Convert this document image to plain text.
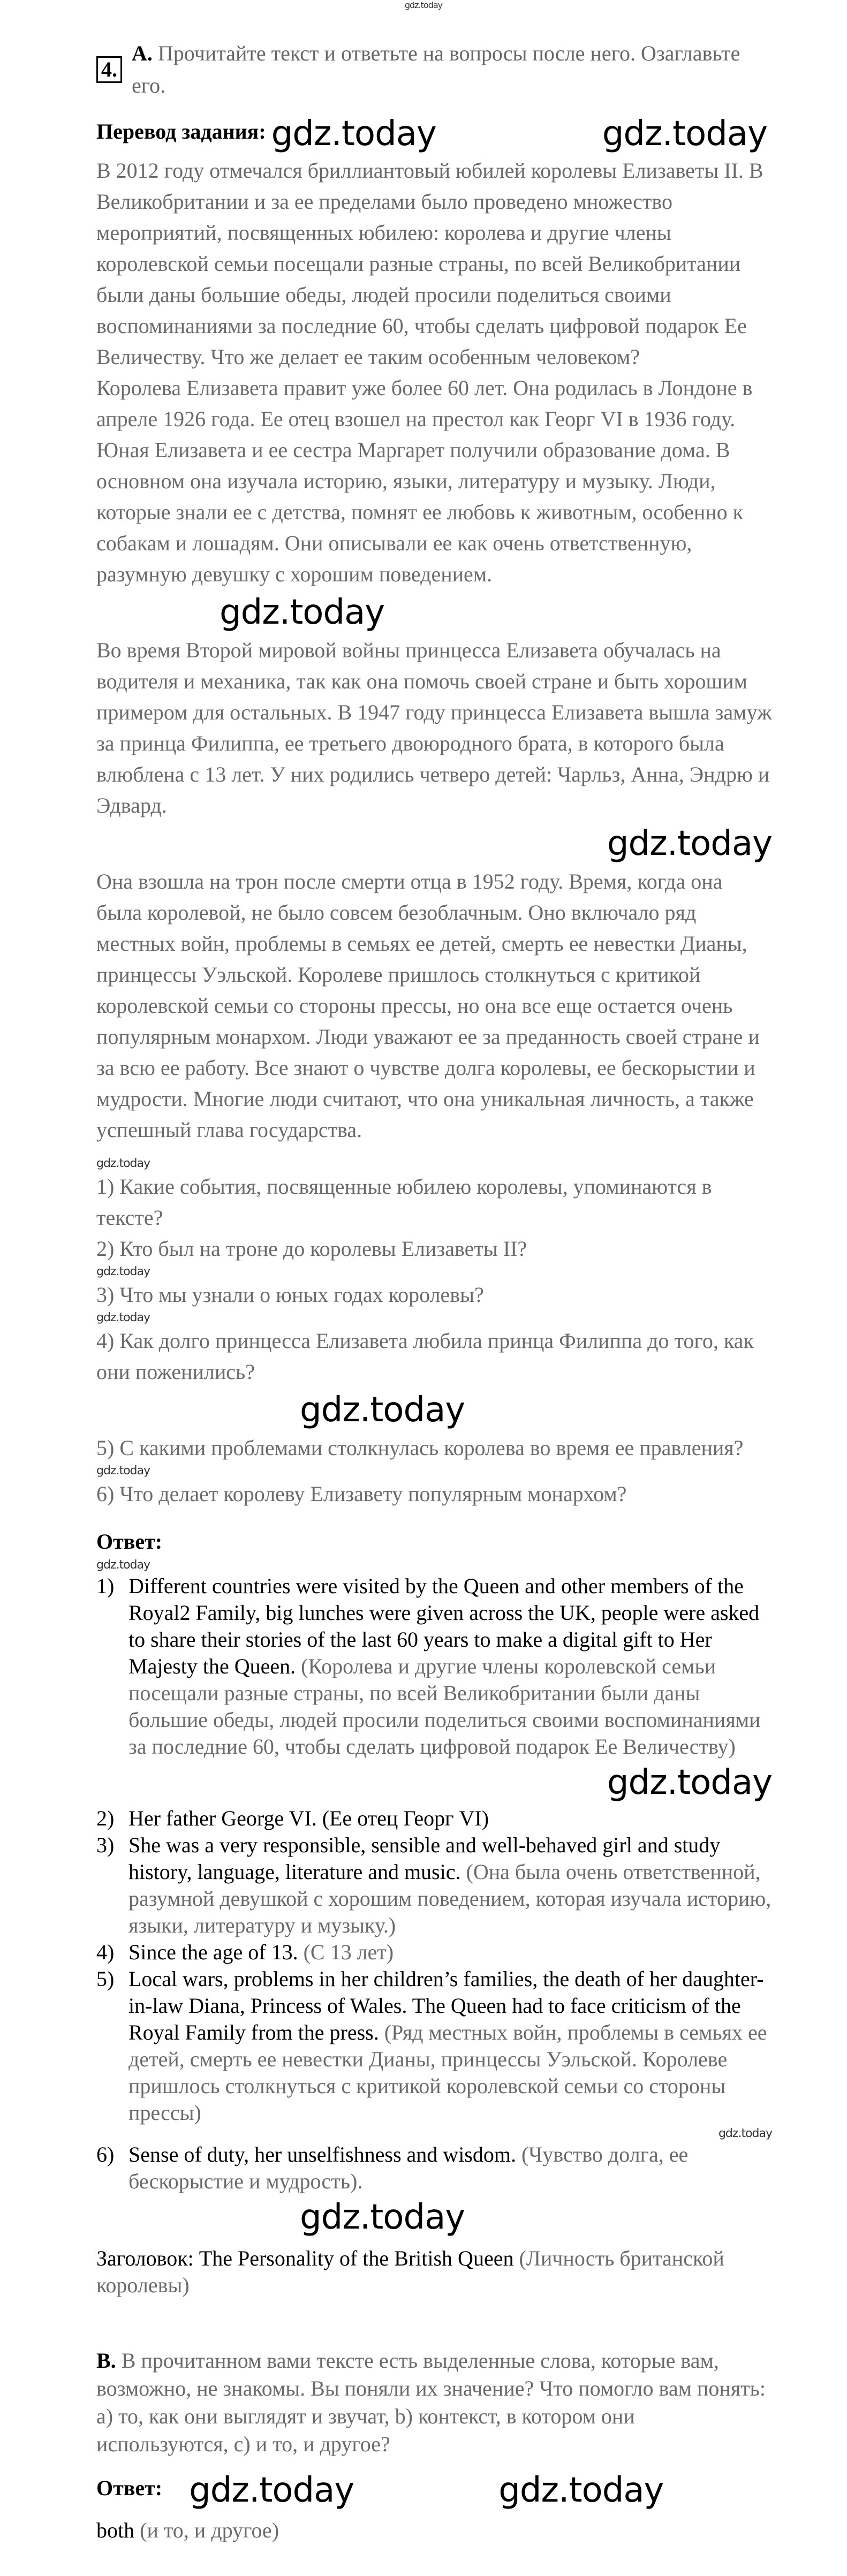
gdz.today
4.
A. Прочитайте текст и ответьте на вопросы после него. Озаглавьте его.
Перевод задания: gdz.today	gdz.today
В 2012 году отмечался бриллиантовый юбилей королевы Елизаветы II. В Великобритании и за ее пределами было проведено множество мероприятий, посвященных юбилею: королева и другие члены королевской семьи посещали разные страны, по всей Великобритании были даны большие обеды, людей просили поделиться своими воспоминаниями за последние 60, чтобы сделать цифровой подарок Ее Величеству. Что же делает ее таким особенным человеком?
Королева Елизавета правит уже более 60 лет. Она родилась в Лондоне в апреле 1926 года. Ее отец взошел на престол как Георг VI в 1936 году. Юная Елизавета и ее сестра Маргарет получили образование дома. В основном она изучала историю, языки, литературу и музыку. Люди, которые знали ее с детства, помнят ее любовь к животным, особенно к собакам и лошадям. Они описывали ее как очень ответственную, разумную девушку с хорошим поведением.
gdz.today
Во время Второй мировой войны принцесса Елизавета обучалась на водителя и механика, так как она помочь своей стране и быть хорошим примером для остальных. В 1947 году принцесса Елизавета вышла замуж за принца Филиппа, ее третьего двоюродного брата, в которого была влюблена с 13 лет. У них родились четверо детей: Чарльз, Анна, Эндрю и Эдвард.
gdz.today
Она взошла на трон после смерти отца в 1952 году. Время, когда она была королевой, не было совсем безоблачным. Оно включало ряд местных войн, проблемы в семьях ее детей, смерть ее невестки Дианы, принцессы Уэльской. Королеве пришлось столкнуться с критикой королевской семьи со стороны прессы, но она все еще остается очень популярным монархом. Люди уважают ее за преданность своей стране и за всю ее работу. Все знают о чувстве долга королевы, ее бескорыстии и мудрости. Многие люди считают, что она уникальная личность, а также успешный глава государства.
gdz.today
1) Какие события, посвященные юбилею королевы, упоминаются в тексте?
2) Кто был на троне до королевы Елизаветы II?
gdz.today
3) Что мы узнали о юных годах королевы?
gdz.today
4) Как долго принцесса Елизавета любила принца Филиппа до того, как они поженились?
gdz.today
5) С какими проблемами столкнулась королева во время ее правления?
gdz.today
6) Что делает королеву Елизавету популярным монархом?
Ответ:
gdz.today
1) Different countries were visited by the Queen and other members of the Royal2 Family, big lunches were given across the UK, people were asked to share their stories of the last 60 years to make a digital gift to Her Majesty the Queen. (Королева и другие члены королевской семьи посещали разные страны, по всей Великобритании были даны большие обеды, людей просили поделиться своими воспоминаниями за последние 60, чтобы сделать цифровой подарок Ее Величеству)
gdz.today
2) Her father George VI. (Ее отец Георг VI)
3) She was a very responsible, sensible and well-behaved girl and study history, language, literature and music. (Она была очень ответственной, разумной девушкой с хорошим поведением, которая изучала историю, языки, литературу и музыку.)
4) Since the age of 13. (С 13 лет)
5) Local wars, problems in her children’s families, the death of her daughter-in-law Diana, Princess of Wales. The Queen had to face criticism of the Royal Family from the press. (Ряд местных войн, проблемы в семьях ее детей, смерть ее невестки Дианы, принцессы Уэльской. Королеве пришлось столкнуться с критикой королевской семьи со стороны прессы)
gdz.today
6) Sense of duty, her unselfishness and wisdom. (Чувство долга, ее бескорыстие и мудрость).
gdz.today
Заголовок: The Personality of the British Queen (Личность британской королевы)
B. В прочитанном вами тексте есть выделенные слова, которые вам, возможно, не знакомы. Вы поняли их значение? Что помогло вам понять: a) то, как они выглядят и звучат, b) контекст, в котором они используются, c) и то, и другое?
Ответ: gdz.today	gdz.today
both (и то, и другое)
